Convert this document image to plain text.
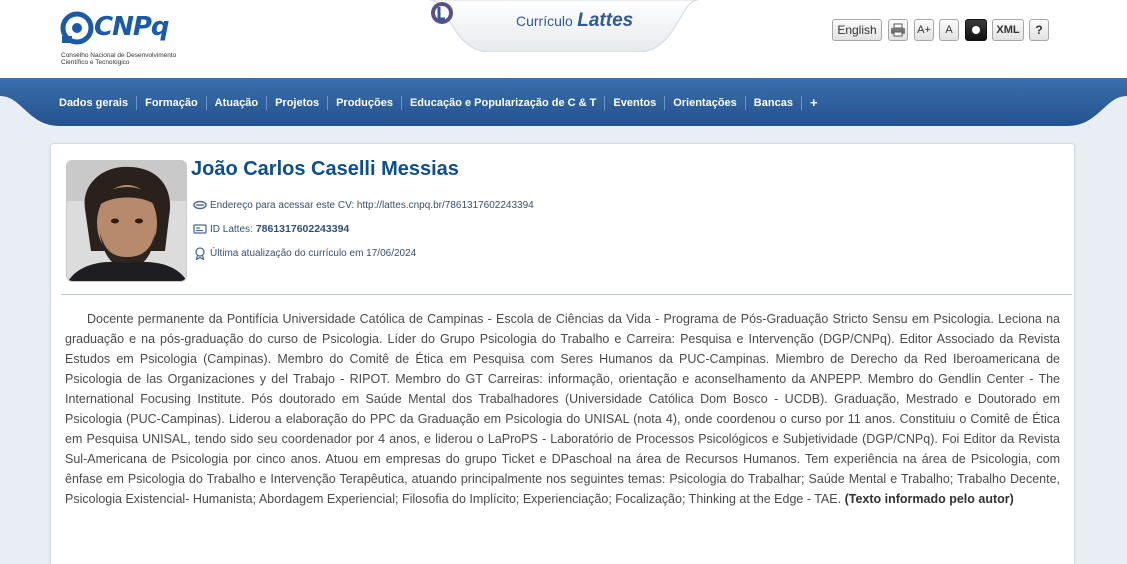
CNPq
Conselho Nacional de Desenvolvimento Científico e Tecnológico
Currículo Lattes	English	A+	A	XML	?
Dados gerais	Formação	Atuação	Projetos	Produções	Educação e Popularização de C & T	Eventos	Orientações	Bancas	+
João Carlos Caselli Messias
Endereço para acessar este CV: http://lattes.cnpq.br/7861317602243394
ID Lattes: 7861317602243394
Última atualização do currículo em 17/06/2024
Docente permanente da Pontifícia Universidade Católica de Campinas - Escola de Ciências da Vida - Programa de Pós-Graduação Stricto Sensu em Psicologia. Leciona na graduação e na pós-graduação do curso de Psicologia. Líder do Grupo Psicologia do Trabalho e Carreira: Pesquisa e Intervenção (DGP/CNPq). Editor Associado da Revista Estudos em Psicologia (Campinas). Membro do Comitê de Ética em Pesquisa com Seres Humanos da PUC-Campinas. Miembro de Derecho da Red Iberoamericana de Psicologia de las Organizaciones y del Trabajo - RIPOT. Membro do GT Carreiras: informação, orientação e aconselhamento da ANPEPP. Membro do Gendlin Center - The International Focusing Institute. Pós doutorado em Saúde Mental dos Trabalhadores (Universidade Católica Dom Bosco - UCDB). Graduação, Mestrado e Doutorado em Psicologia (PUC-Campinas). Liderou a elaboração do PPC da Graduação em Psicologia do UNISAL (nota 4), onde coordenou o curso por 11 anos. Constituiu o Comitê de Ética em Pesquisa UNISAL, tendo sido seu coordenador por 4 anos, e liderou o LaProPS - Laboratório de Processos Psicológicos e Subjetividade (DGP/CNPq). Foi Editor da Revista Sul-Americana de Psicologia por cinco anos. Atuou em empresas do grupo Ticket e DPaschoal na área de Recursos Humanos. Tem experiência na área de Psicologia, com ênfase em Psicologia do Trabalho e Intervenção Terapêutica, atuando principalmente nos seguintes temas: Psicologia do Trabalhar; Saúde Mental e Trabalho; Trabalho Decente, Psicologia Existencial- Humanista; Abordagem Experiencial; Filosofia do Implícito; Experienciação; Focalização; Thinking at the Edge - TAE. (Texto informado pelo autor)
